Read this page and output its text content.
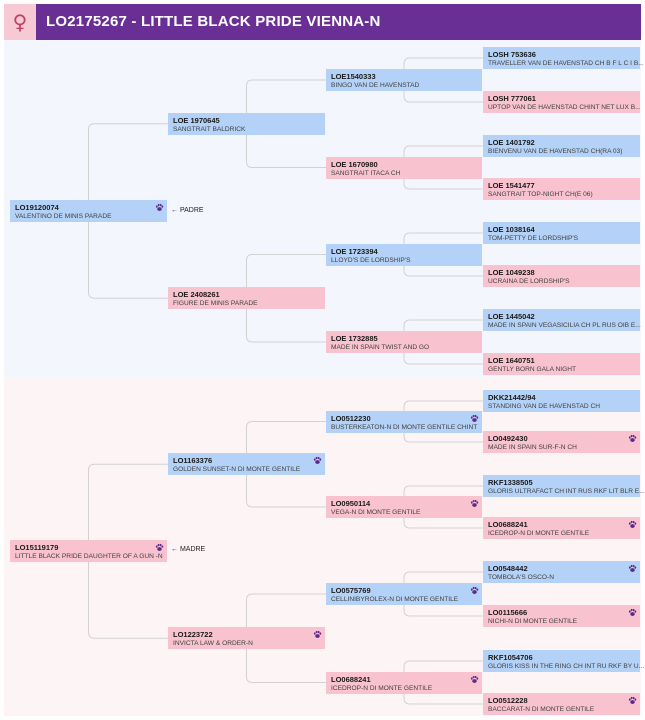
♀ LO2175267 - LITTLE BLACK PRIDE VIENNA-N
LO19120074
VALENTINO DE MINIS PARADE
LO15119179
LITTLE BLACK PRIDE DAUGHTER OF A GUN -N
LOE 1970645
SANGTRAIT BALDRICK
LOE 2408261
FIGURE DE MINIS PARADE
LO1163376
GOLDEN SUNSET-N DI MONTE GENTILE
LO1223722
INVICTA LAW & ORDER-N
LOE1540333
BINGO VAN DE HAVENSTAD
LOE 1670980
SANGTRAIT ITACA CH
LOE 1723394
LLOYD'S DE LORDSHIP'S
LOE 1732885
MADE IN SPAIN TWIST AND GO
LO0512230
BUSTERKEATON-N DI MONTE GENTILE CHINT
LO0950114
VEGA-N DI MONTE GENTILE
LO0575769
CELLINIBYROLEX-N DI MONTE GENTILE
LO0688241
ICEDROP-N DI MONTE GENTILE
LOSH 753636
TRAVELLER VAN DE HAVENSTAD CH B F L C I B...
LOSH 777061
UPTOP VAN DE HAVENSTAD CHINT NET LUX B...
LOE 1401792
BIENVENU VAN DE HAVENSTAD CH(RA 03)
LOE 1541477
SANGTRAIT TOP-NIGHT CH(E 06)
LOE 1038164
TOM-PETTY DE LORDSHIP'S
LOE 1049238
UCRAINA DE LORDSHIP'S
LOE 1445042
MADE IN SPAIN VEGASICILIA CH PL RUS OIB E...
LOE 1640751
GENTLY BORN GALA NIGHT
DKK21442/94
STANDING VAN DE HAVENSTAD CH
LO0492430
MADE IN SPAIN SUR-F-N CH
RKF1338505
GLORIS ULTRAFACT CH INT RUS RKF LIT BLR E...
LO0688241
ICEDROP-N DI MONTE GENTILE
LO0548442
TOMBOLA'S OSCO-N
LO0115666
NICHI-N DI MONTE GENTILE
RKF1054706
GLORIS KISS IN THE RING CH INT RU RKF BY U...
LO0512228
BACCARAT-N DI MONTE GENTILE
← PADRE
← MADRE
